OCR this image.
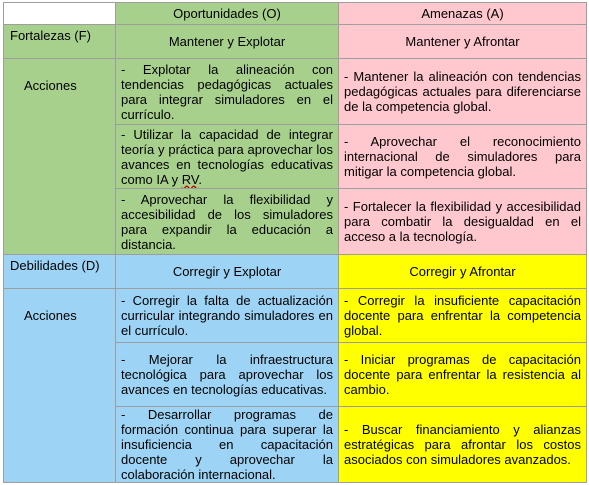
	Oportunidades (O)	Amenazas (A)
Fortalezas (F)	Mantener y Explotar	Mantener y Afrontar

Acciones	- Explotar la alineación con tendencias pedagógicas actuales para integrar simuladores en el currículo.	- Mantener la alineación con tendencias pedagógicas actuales para diferenciarse de la competencia global.
	- Utilizar la capacidad de integrar teoría y práctica para aprovechar los avances en tecnologías educativas como IA y RV.	- Aprovechar el reconocimiento internacional de simuladores para mitigar la competencia global.
	- Aprovechar la flexibilidad y accesibilidad de los simuladores para expandir la educación a distancia.	- Fortalecer la flexibilidad y accesibilidad para combatir la desigualdad en el acceso a la tecnología.
Debilidades (D)	Corregir y Explotar	Corregir y Afrontar

Acciones	- Corregir la falta de actualización curricular integrando simuladores en el currículo.	- Corregir la insuficiente capacitación docente para enfrentar la competencia global.
	- Mejorar la infraestructura tecnológica para aprovechar los avances en tecnologías educativas.	- Iniciar programas de capacitación docente para enfrentar la resistencia al cambio.
	- Desarrollar programas de formación continua para superar la insuficiencia en capacitación docente y aprovechar la colaboración internacional.	- Buscar financiamiento y alianzas estratégicas para afrontar los costos asociados con simuladores avanzados.
